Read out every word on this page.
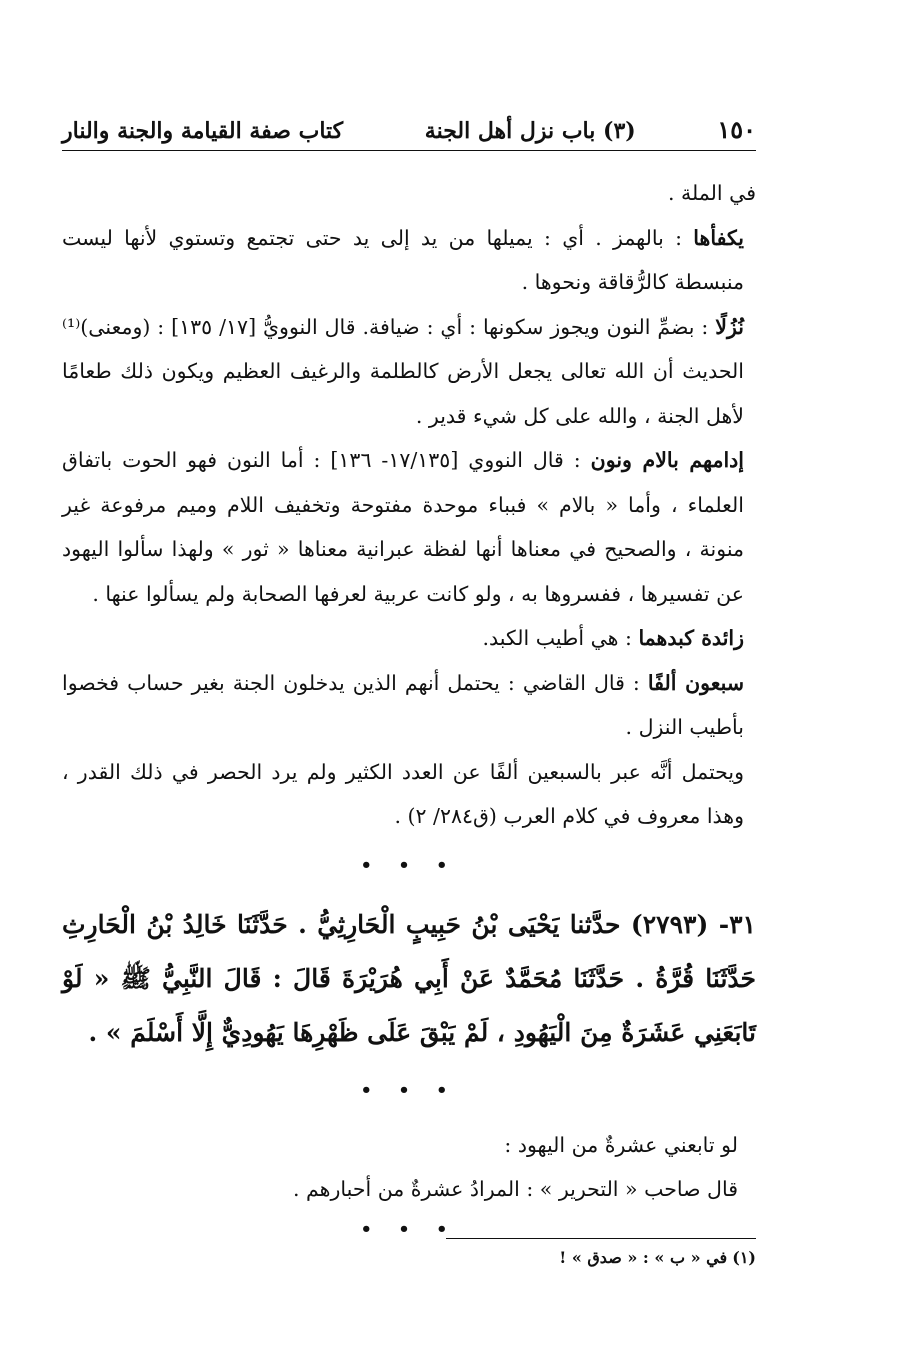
١٥٠
(٣) باب نزل أهل الجنة
كتاب صفة القيامة والجنة والنار

في الملة .

يكفأها : بالهمز . أي : يميلها من يد إلى يد حتى تجتمع وتستوي لأنها ليست منبسطة كالرُّقاقة ونحوها .

نُزُلًا : بضمِّ النون ويجوز سكونها : أي : ضيافة. قال النوويُّ [١٧/ ١٣٥] : (ومعنى)⁽¹⁾ الحديث أن الله تعالى يجعل الأرض كالطلمة والرغيف العظيم ويكون ذلك طعامًا لأهل الجنة ، والله على كل شيء قدير .

إدامهم بالام ونون : قال النووي [١٧/١٣٥- ١٣٦] : أما النون فهو الحوت باتفاق العلماء ، وأما « بالام » فبباء موحدة مفتوحة وتخفيف اللام وميم مرفوعة غير منونة ، والصحيح في معناها أنها لفظة عبرانية معناها « ثور » ولهذا سألوا اليهود عن تفسيرها ، ففسروها به ، ولو كانت عربية لعرفها الصحابة ولم يسألوا عنها .

زائدة كبدهما : هي أطيب الكبد.

سبعون ألفًا : قال القاضي : يحتمل أنهم الذين يدخلون الجنة بغير حساب فخصوا بأطيب النزل .

ويحتمل أنَّه عبر بالسبعين ألفًا عن العدد الكثير ولم يرد الحصر في ذلك القدر ، وهذا معروف في كلام العرب (ق٢٨٤/ ٢) .

• • •
٣١- (٢٧٩٣) حدَّثنا يَحْيَى بْنُ حَبِيبٍ الْحَارِثِيُّ . حَدَّثَنَا خَالِدُ بْنُ الْحَارِثِ حَدَّثَنَا قُرَّةُ . حَدَّثَنَا مُحَمَّدٌ عَنْ أَبِي هُرَيْرَةَ قَالَ : قَالَ النَّبِيُّ ﷺ « لَوْ تَابَعَنِي عَشَرَةٌ مِنَ الْيَهُودِ ، لَمْ يَبْقَ عَلَى ظَهْرِهَا يَهُودِيٌّ إِلَّا أَسْلَمَ » .
• • •
لو تابعني عشرةٌ من اليهود :
قال صاحب « التحرير » : المرادُ عشرةٌ من أحبارهم .
• • •
(١) في « ب » : « صدق » !
